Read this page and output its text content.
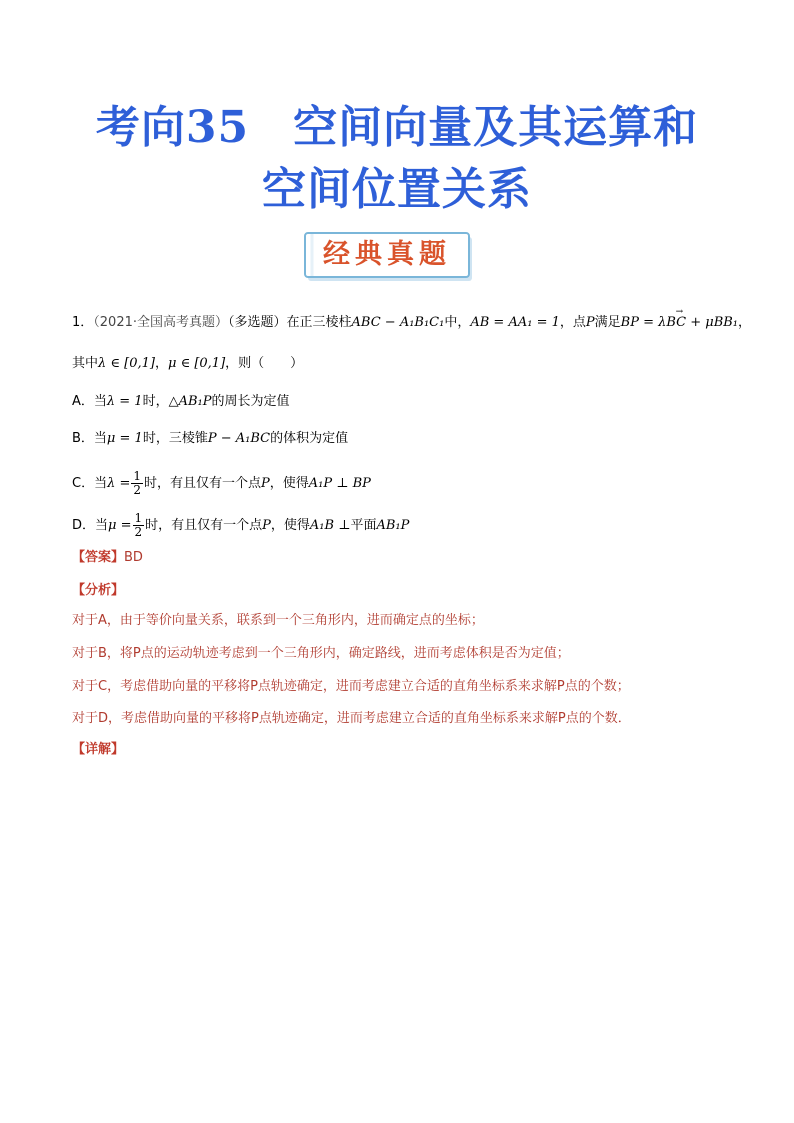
考向35 空间向量及其运算和
空间位置关系
经典真题
1．（2021·全国高考真题）（多选题）在正三棱柱ABC − A₁B₁C₁中，AB = AA₁ = 1，点P满足→ BP = λBC + μBB₁，
其中λ ∈ [0,1]，μ ∈ [0,1]，则（　　）
A．当λ = 1时，△AB₁P的周长为定值
B．当μ = 1时，三棱锥P − A₁BC的体积为定值
C．当$\lambda = \frac{1}{2}$ 时，有且仅有一个点P，使得A₁P ⊥ BP
D．当$\mu = \frac{1}{2}$ 时，有且仅有一个点P，使得A₁B ⊥平面AB₁P
【答案】BD
【分析】
对于A，由于等价向量关系，联系到一个三角形内，进而确定点的坐标；
对于B，将P点的运动轨迹考虑到一个三角形内，确定路线，进而考虑体积是否为定值；
对于C，考虑借助向量的平移将P点轨迹确定，进而考虑建立合适的直角坐标系来求解P点的个数；
对于D，考虑借助向量的平移将P点轨迹确定，进而考虑建立合适的直角坐标系来求解P点的个数．
【详解】
